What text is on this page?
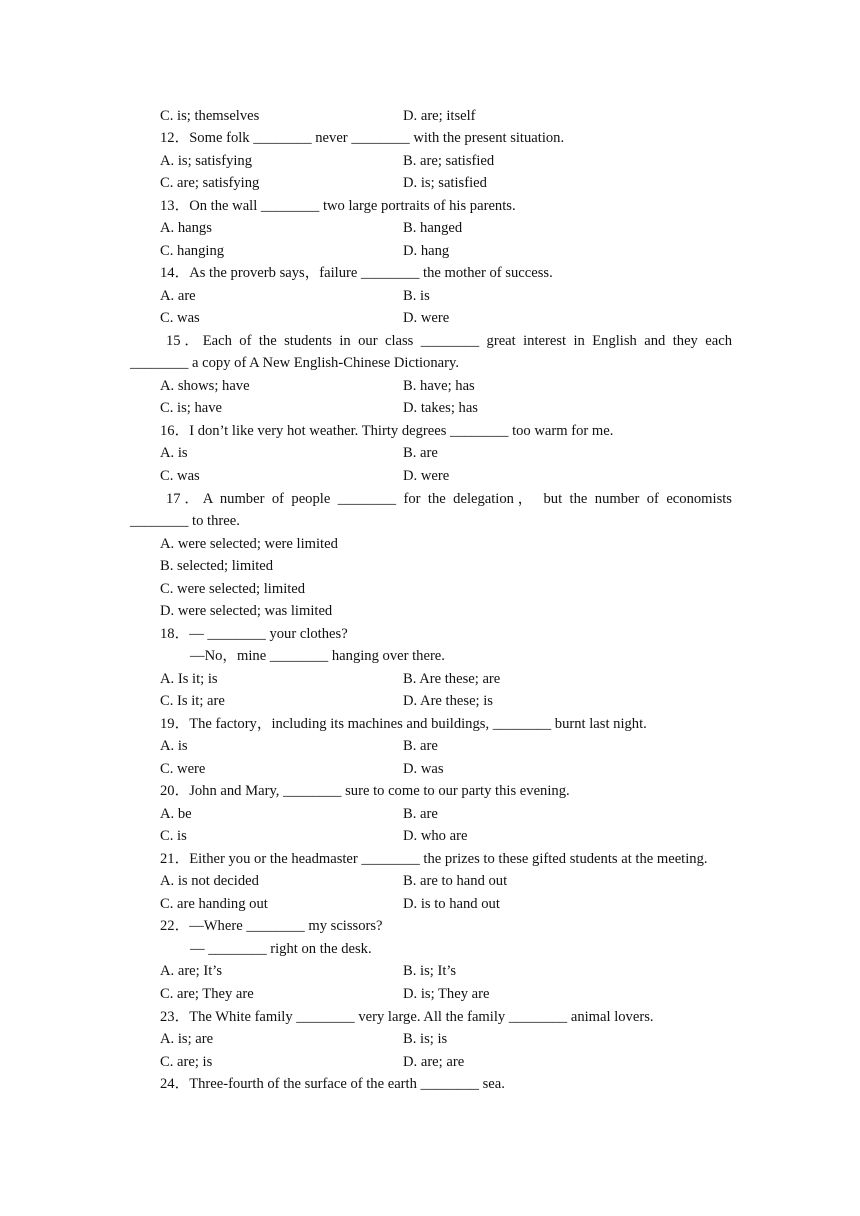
C. is; themselves	D. are; itself
12．Some folk ________ never ________ with the present situation.
A. is; satisfying	B. are; satisfied
C. are; satisfying	D. is; satisfied
13．On the wall ________ two large portraits of his parents.
A. hangs	B. hanged
C. hanging	D. hang
14．As the proverb says，failure ________ the mother of success.
A. are	B. is
C. was	D. were
15．Each of the students in our class ________ great interest in English and they each
________ a copy of A New English-Chinese Dictionary.
A. shows; have	B. have; has
C. is; have	D. takes; has
16．I don’t like very hot weather. Thirty degrees ________ too warm for me.
A. is	B. are
C. was	D. were
17．A number of people ________ for the delegation， but the number of economists
________ to three.
A. were selected; were limited
B. selected; limited
C. were selected; limited
D. were selected; was limited
18．— ________ your clothes?
—No，mine ________ hanging over there.
A. Is it; is	B. Are these; are
C. Is it; are	D. Are these; is
19．The factory，including its machines and buildings, ________ burnt last night.
A. is	B. are
C. were	D. was
20．John and Mary, ________ sure to come to our party this evening.
A. be	B. are
C. is	D. who are
21．Either you or the headmaster ________ the prizes to these gifted students at the meeting.
A. is not decided	B. are to hand out
C. are handing out	D. is to hand out
22．—Where ________ my scissors?
— ________ right on the desk.
A. are; It’s	B. is; It’s
C. are; They are	D. is; They are
23．The White family ________ very large. All the family ________ animal lovers.
A. is; are	B. is; is
C. are; is	D. are; are
24．Three-fourth of the surface of the earth ________ sea.
